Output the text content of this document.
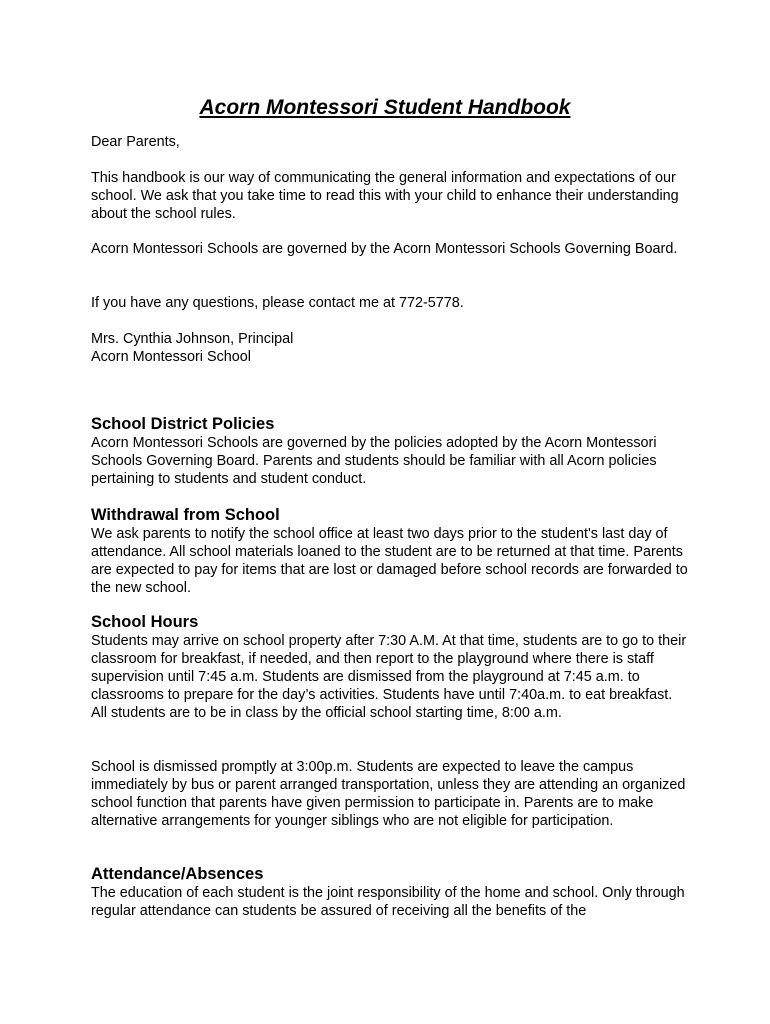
Acorn Montessori Student Handbook

Dear Parents,

This handbook is our way of communicating the general information and expectations of our school. We ask that you take time to read this with your child to enhance their understanding about the school rules.

Acorn Montessori Schools are governed by the Acorn Montessori Schools Governing Board.

If you have any questions, please contact me at 772-5778.

Mrs. Cynthia Johnson, Principal

Acorn Montessori School

School District Policies

Acorn Montessori Schools are governed by the policies adopted by the Acorn Montessori Schools Governing Board. Parents and students should be familiar with all Acorn policies pertaining to students and student conduct.

Withdrawal from School

We ask parents to notify the school office at least two days prior to the student's last day of attendance. All school materials loaned to the student are to be returned at that time. Parents are expected to pay for items that are lost or damaged before school records are forwarded to the new school.

School Hours

Students may arrive on school property after 7:30 A.M. At that time, students are to go to their classroom for breakfast, if needed, and then report to the playground where there is staff supervision until 7:45 a.m. Students are dismissed from the playground at 7:45 a.m. to classrooms to prepare for the day’s activities. Students have until 7:40a.m. to eat breakfast. All students are to be in class by the official school starting time, 8:00 a.m.

School is dismissed promptly at 3:00p.m. Students are expected to leave the campus immediately by bus or parent arranged transportation, unless they are attending an organized school function that parents have given permission to participate in. Parents are to make alternative arrangements for younger siblings who are not eligible for participation.

Attendance/Absences

The education of each student is the joint responsibility of the home and school. Only through regular attendance can students be assured of receiving all the benefits of the
